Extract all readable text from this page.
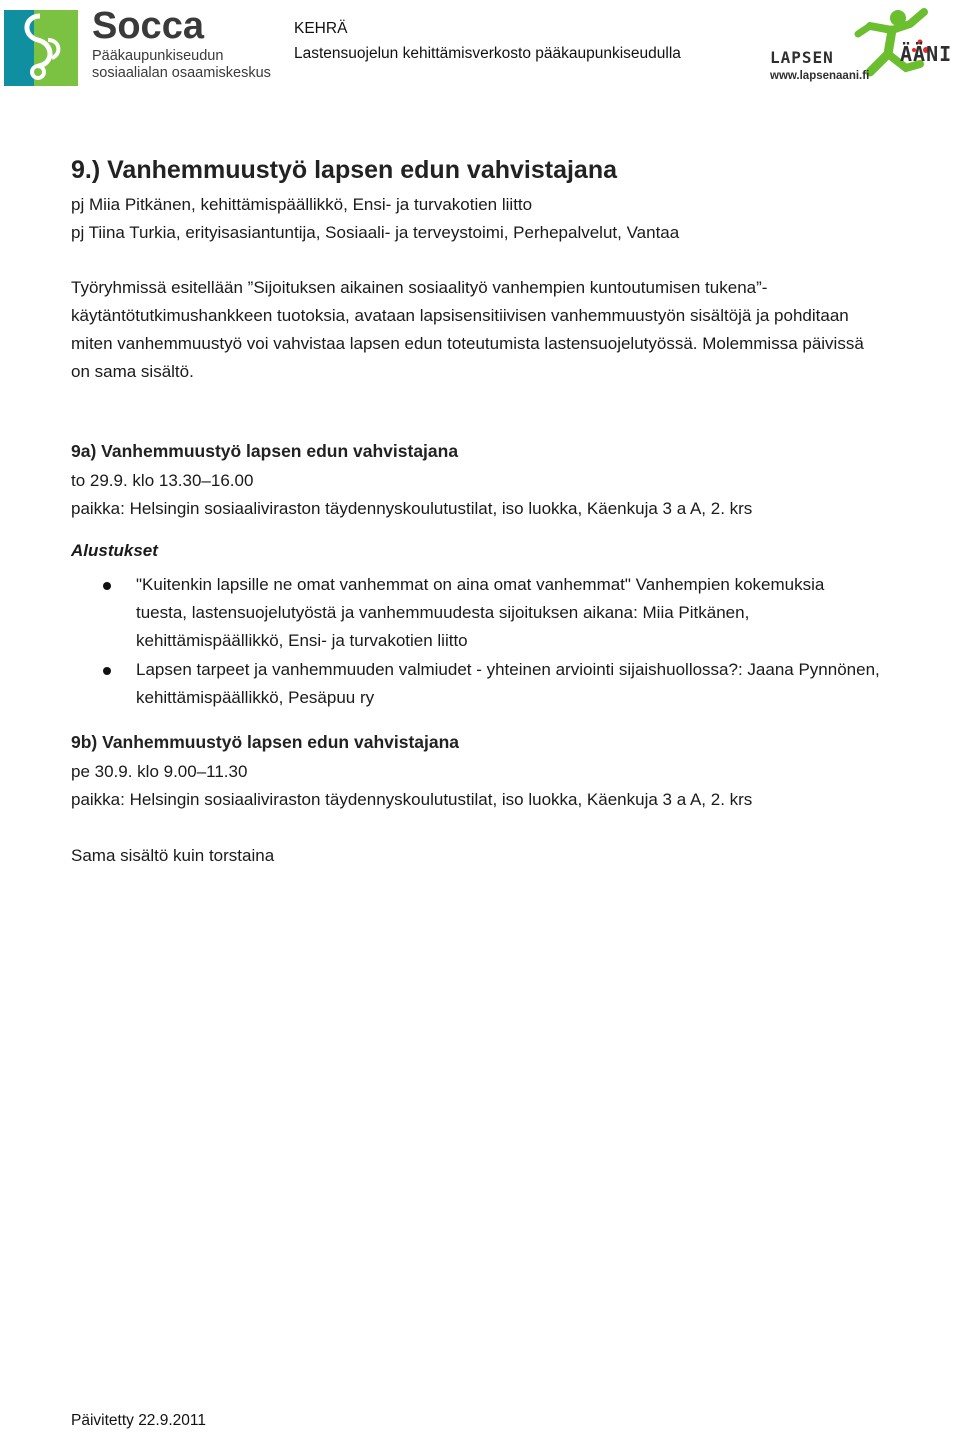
Socca
Pääkaupunkiseudun
sosiaalialan osaamiskeskus
KEHRÄ
Lastensuojelun kehittämisverkosto pääkaupunkiseudulla	LAPSEN	ÄÄNI
www.lapsenaani.fi
9.) Vanhemmuustyö lapsen edun vahvistajana

pj Miia Pitkänen, kehittämispäällikkö, Ensi- ja turvakotien liitto

pj Tiina Turkia, erityisasiantuntija, Sosiaali- ja terveystoimi, Perhepalvelut, Vantaa

Työryhmissä esitellään ”Sijoituksen aikainen sosiaalityö vanhempien kuntoutumisen tukena”-

käytäntötutkimushankkeen tuotoksia, avataan lapsisensitiivisen vanhemmuustyön sisältöjä ja pohditaan

miten vanhemmuustyö voi vahvistaa lapsen edun toteutumista lastensuojelutyössä. Molemmissa päivissä

on sama sisältö.

9a) Vanhemmuustyö lapsen edun vahvistajana

to 29.9. klo 13.30–16.00

paikka: Helsingin sosiaaliviraston täydennyskoulutustilat, iso luokka, Käenkuja 3 a A, 2. krs

Alustukset

"Kuitenkin lapsille ne omat vanhemmat on aina omat vanhemmat" Vanhempien kokemuksia
tuesta, lastensuojelutyöstä ja vanhemmuudesta sijoituksen aikana: Miia Pitkänen,
kehittämispäällikkö, Ensi- ja turvakotien liitto
Lapsen tarpeet ja vanhemmuuden valmiudet - yhteinen arviointi sijaishuollossa?: Jaana Pynnönen,
kehittämispäällikkö, Pesäpuu ry
9b) Vanhemmuustyö lapsen edun vahvistajana

pe 30.9. klo 9.00–11.30

paikka: Helsingin sosiaaliviraston täydennyskoulutustilat, iso luokka, Käenkuja 3 a A, 2. krs

Sama sisältö kuin torstaina

Päivitetty 22.9.2011
